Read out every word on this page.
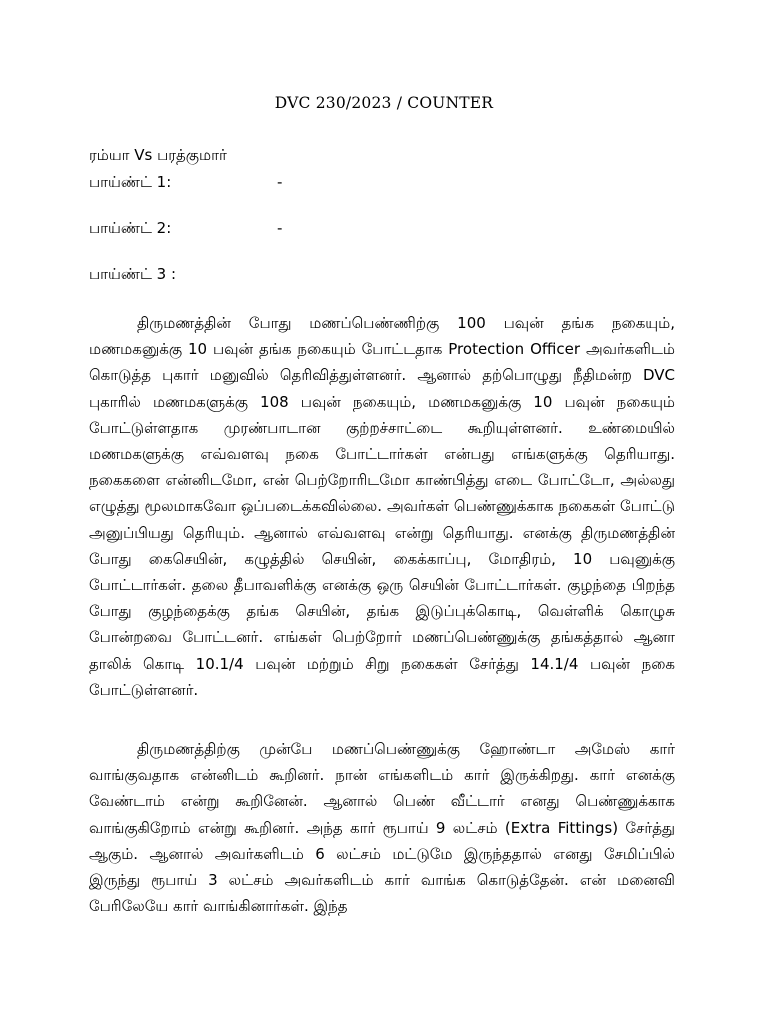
DVC 230/2023 / COUNTER
ரம்யா Vs பரத்குமார்
பாய்ண்ட் 1:	-
பாய்ண்ட் 2:	-
பாய்ண்ட் 3 :

திருமணத்தின் போது மணப்பெண்ணிற்கு 100 பவுன் தங்க நகையும், மணமகனுக்கு 10 பவுன் தங்க நகையும் போட்டதாக Protection Officer அவர்களிடம் கொடுத்த புகார் மனுவில் தெரிவித்துள்ளனர். ஆனால் தற்பொழுது நீதிமன்ற DVC புகாரில் மணமகளுக்கு 108 பவுன் நகையும், மணமகனுக்கு 10 பவுன் நகையும் போட்டுள்ளதாக முரண்பாடான குற்றச்சாட்டை கூறியுள்ளனர். உண்மையில் மணமகளுக்கு எவ்வளவு நகை போட்டார்கள் என்பது எங்களுக்கு தெரியாது. நகைகளை என்னிடமோ, என் பெற்றோரிடமோ காண்பித்து எடை போட்டோ, அல்லது எழுத்து மூலமாகவோ ஒப்படைக்கவில்லை. அவர்கள் பெண்ணுக்காக நகைகள் போட்டு அனுப்பியது தெரியும். ஆனால் எவ்வளவு என்று தெரியாது. எனக்கு திருமணத்தின் போது கைசெயின், கழுத்தில் செயின், கைக்காப்பு, மோதிரம், 10 பவுனுக்கு போட்டார்கள். தலை தீபாவளிக்கு எனக்கு ஒரு செயின் போட்டார்கள். குழந்தை பிறந்த போது குழந்தைக்கு தங்க செயின், தங்க இடுப்புக்கொடி, வெள்ளிக் கொழுசு போன்றவை போட்டனர். எங்கள் பெற்றோர் மணப்பெண்ணுக்கு தங்கத்தால் ஆனா தாலிக் கொடி 10.1/4 பவுன் மற்றும் சிறு நகைகள் சேர்த்து 14.1/4 பவுன் நகை போட்டுள்ளனர்.

திருமணத்திற்கு முன்பே மணப்பெண்ணுக்கு ஹோண்டா அமேஸ் கார் வாங்குவதாக என்னிடம் கூறினர். நான் எங்களிடம் கார் இருக்கிறது. கார் எனக்கு வேண்டாம் என்று கூறினேன். ஆனால் பெண் வீட்டார் எனது பெண்ணுக்காக வாங்குகிறோம் என்று கூறினர். அந்த கார் ரூபாய் 9 லட்சம் (Extra Fittings) சேர்த்து ஆகும். ஆனால் அவர்களிடம் 6 லட்சம் மட்டுமே இருந்ததால் எனது சேமிப்பில் இருந்து ரூபாய் 3 லட்சம் அவர்களிடம் கார் வாங்க கொடுத்தேன். என் மனைவி பேரிலேயே கார் வாங்கினார்கள். இந்த
